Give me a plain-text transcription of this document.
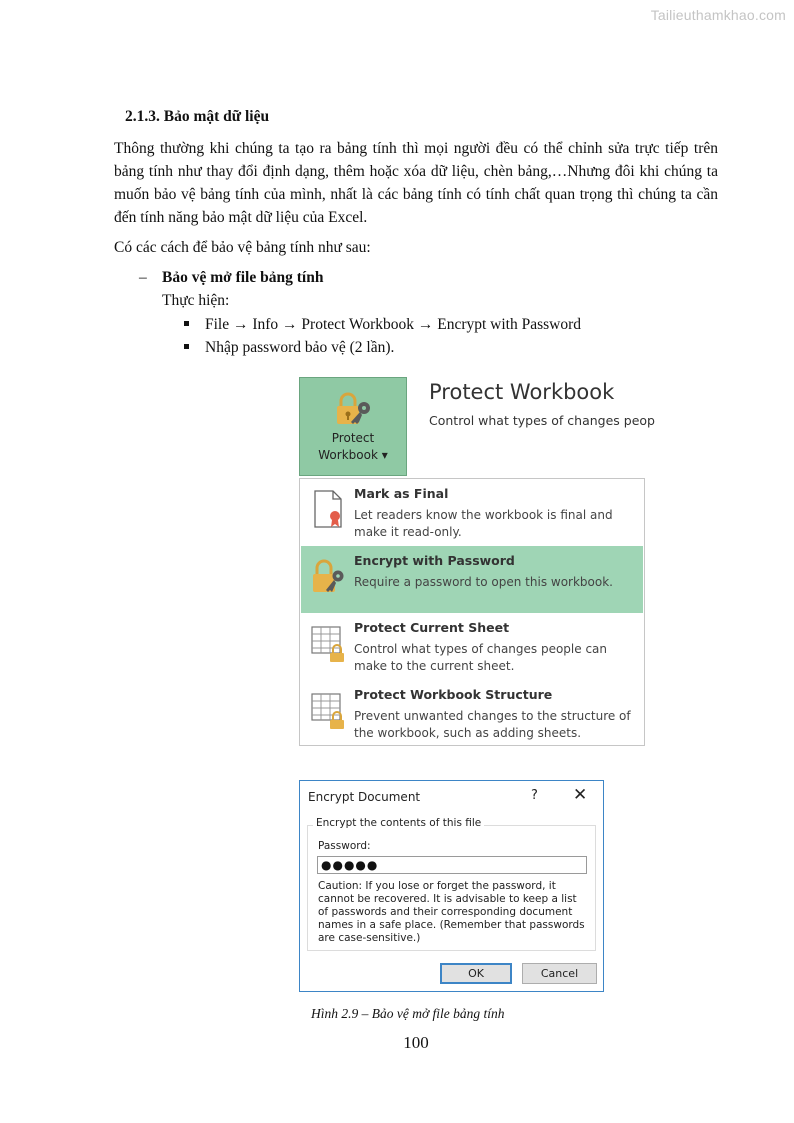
Tailieuthamkhao.com
2.1.3. Bảo mật dữ liệu

Thông thường khi chúng ta tạo ra bảng tính thì mọi người đều có thể chỉnh sửa trực tiếp trên bảng tính như thay đổi định dạng, thêm hoặc xóa dữ liệu, chèn bảng,…Nhưng đôi khi chúng ta muốn bảo vệ bảng tính của mình, nhất là các bảng tính có tính chất quan trọng thì chúng ta cần đến tính năng bảo mật dữ liệu của Excel.

Có các cách để bảo vệ bảng tính như sau:

– Bảo vệ mở file bảng tính
Thực hiện:
File → Info → Protect Workbook → Encrypt with Password
Nhập password bảo vệ (2 lần).
Protect
Workbook ▾
Protect Workbook
Control what types of changes peop
Mark as Final
Let readers know the workbook is final and make it read-only.
Encrypt with Password
Require a password to open this workbook.
Protect Current Sheet
Control what types of changes people can make to the current sheet.
Protect Workbook Structure
Prevent unwanted changes to the structure of the workbook, such as adding sheets.
Encrypt Document	? ✕
Encrypt the contents of this file
Password:
●●●●●
Caution: If you lose or forget the password, it cannot be recovered. It is advisable to keep a list of passwords and their corresponding document names in a safe place. (Remember that passwords are case-sensitive.)
OK	Cancel
Hình 2.9 – Bảo vệ mở file bảng tính
100
